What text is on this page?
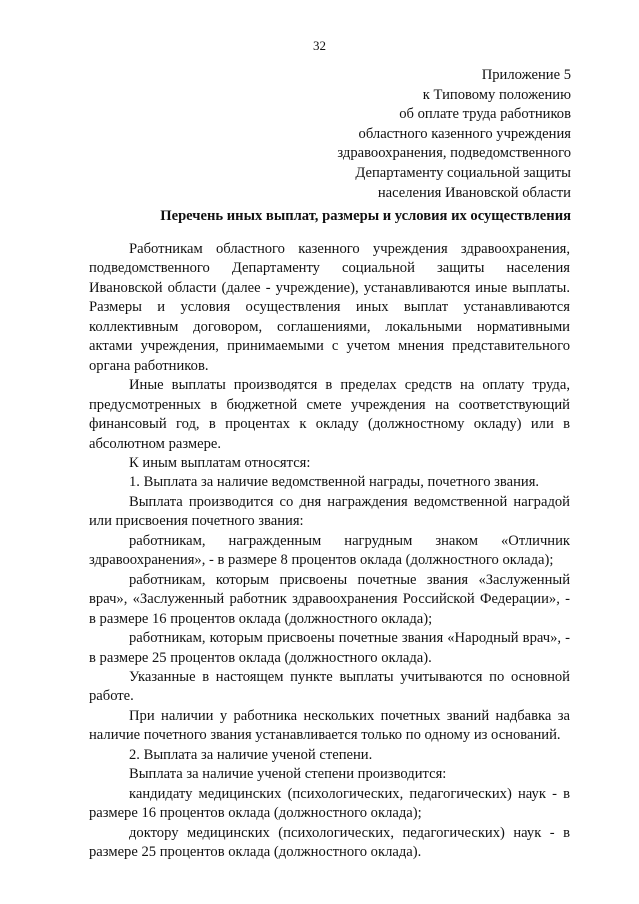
32
Приложение 5
к Типовому положению
об оплате труда работников
областного казенного учреждения
здравоохранения, подведомственного
Департаменту социальной защиты
населения Ивановской области
Перечень иных выплат, размеры и условия их осуществления

Работникам областного казенного учреждения здравоохранения, подведомственного Департаменту социальной защиты населения Ивановской области (далее - учреждение), устанавливаются иные выплаты. Размеры и условия осуществления иных выплат устанавливаются коллективным договором, соглашениями, локальными нормативными актами учреждения, принимаемыми с учетом мнения представительного органа работников.

Иные выплаты производятся в пределах средств на оплату труда, предусмотренных в бюджетной смете учреждения на соответствующий финансовый год, в процентах к окладу (должностному окладу) или в абсолютном размере.

К иным выплатам относятся:

1. Выплата за наличие ведомственной награды, почетного звания.

Выплата производится со дня награждения ведомственной наградой или присвоения почетного звания:

работникам, награжденным нагрудным знаком «Отличник здравоохранения», - в размере 8 процентов оклада (должностного оклада);

работникам, которым присвоены почетные звания «Заслуженный врач», «Заслуженный работник здравоохранения Российской Федерации», - в размере 16 процентов оклада (должностного оклада);

работникам, которым присвоены почетные звания «Народный врач», - в размере 25 процентов оклада (должностного оклада).

Указанные в настоящем пункте выплаты учитываются по основной работе.

При наличии у работника нескольких почетных званий надбавка за наличие почетного звания устанавливается только по одному из оснований.

2. Выплата за наличие ученой степени.

Выплата за наличие ученой степени производится:

кандидату медицинских (психологических, педагогических) наук - в размере 16 процентов оклада (должностного оклада);

доктору медицинских (психологических, педагогических) наук - в размере 25 процентов оклада (должностного оклада).
